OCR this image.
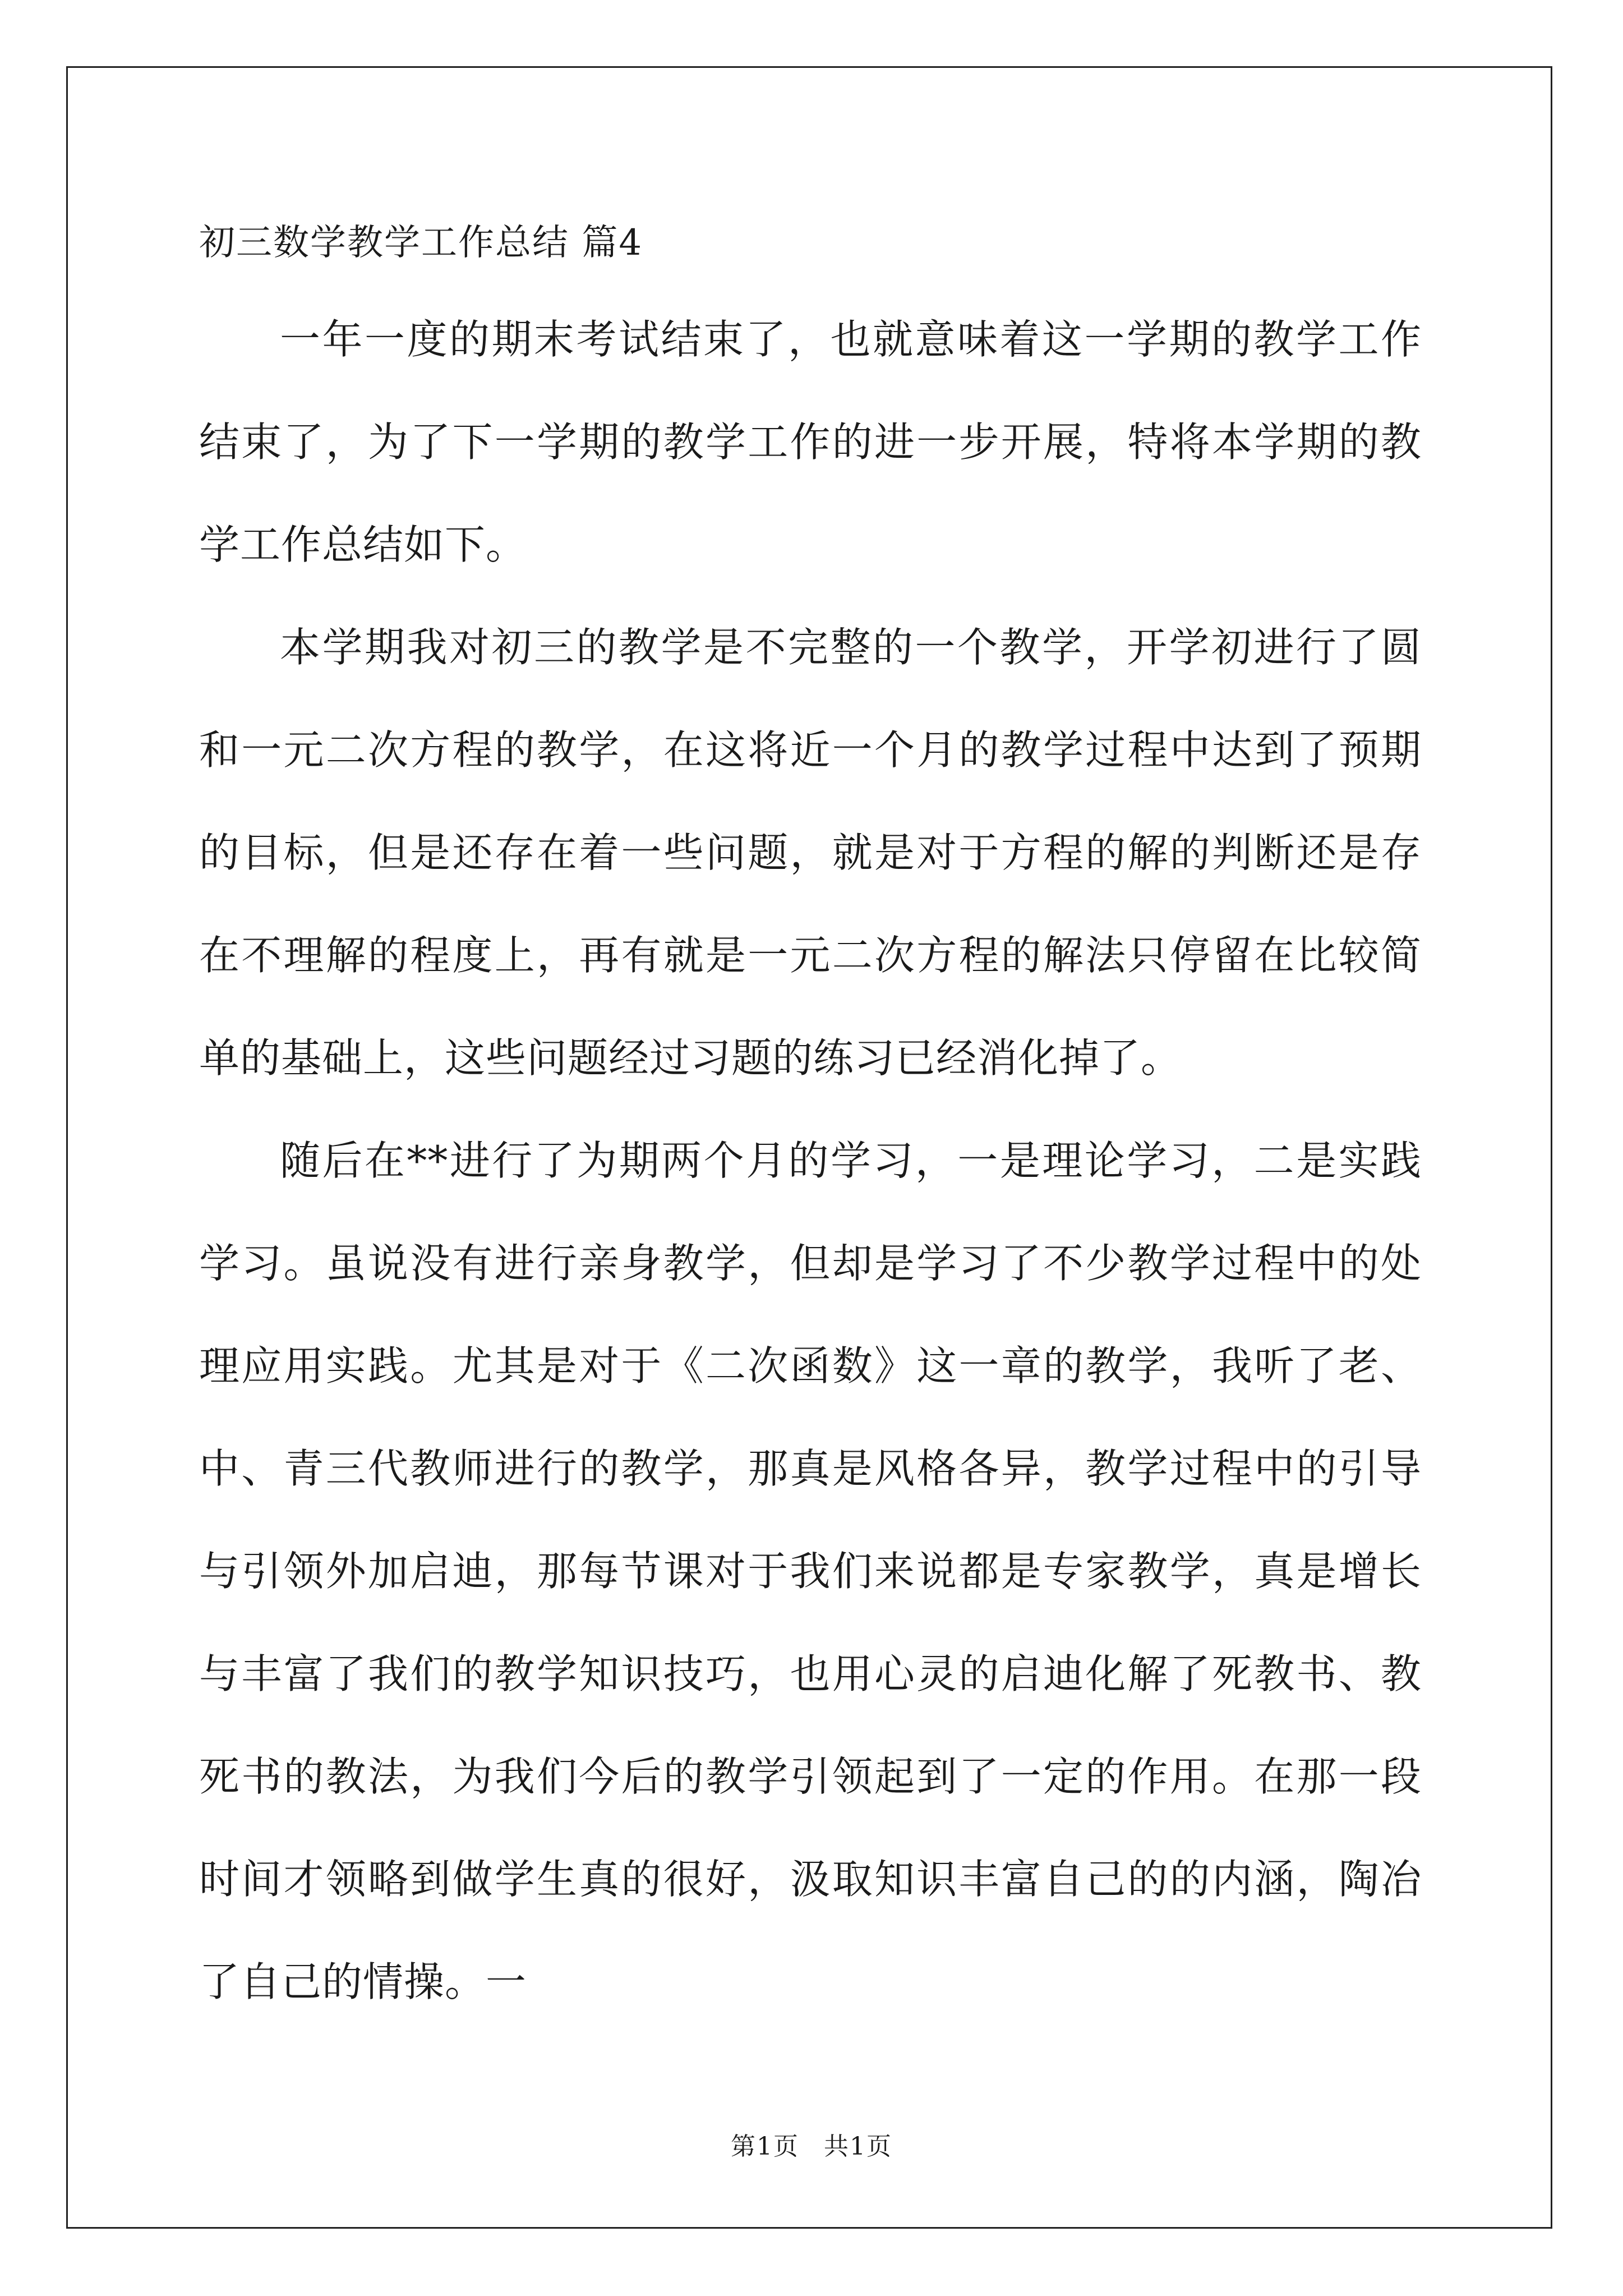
初三数学教学工作总结 篇4

一年一度的期末考试结束了，也就意味着这一学期的教学工作结束了，为了下一学期的教学工作的进一步开展，特将本学期的教学工作总结如下。

本学期我对初三的教学是不完整的一个教学，开学初进行了圆和一元二次方程的教学，在这将近一个月的教学过程中达到了预期的目标，但是还存在着一些问题，就是对于方程的解的判断还是存在不理解的程度上，再有就是一元二次方程的解法只停留在比较简单的基础上，这些问题经过习题的练习已经消化掉了。

随后在**进行了为期两个月的学习，一是理论学习，二是实践学习。虽说没有进行亲身教学，但却是学习了不少教学过程中的处理应用实践。尤其是对于《二次函数》这一章的教学，我听了老、中、青三代教师进行的教学，那真是风格各异，教学过程中的引导与引领外加启迪，那每节课对于我们来说都是专家教学，真是增长与丰富了我们的教学知识技巧，也用心灵的启迪化解了死教书、教死书的教法，为我们今后的教学引领起到了一定的作用。在那一段时间才领略到做学生真的很好，汲取知识丰富自己的的内涵，陶冶了自己的情操。一

第1页 共1页
